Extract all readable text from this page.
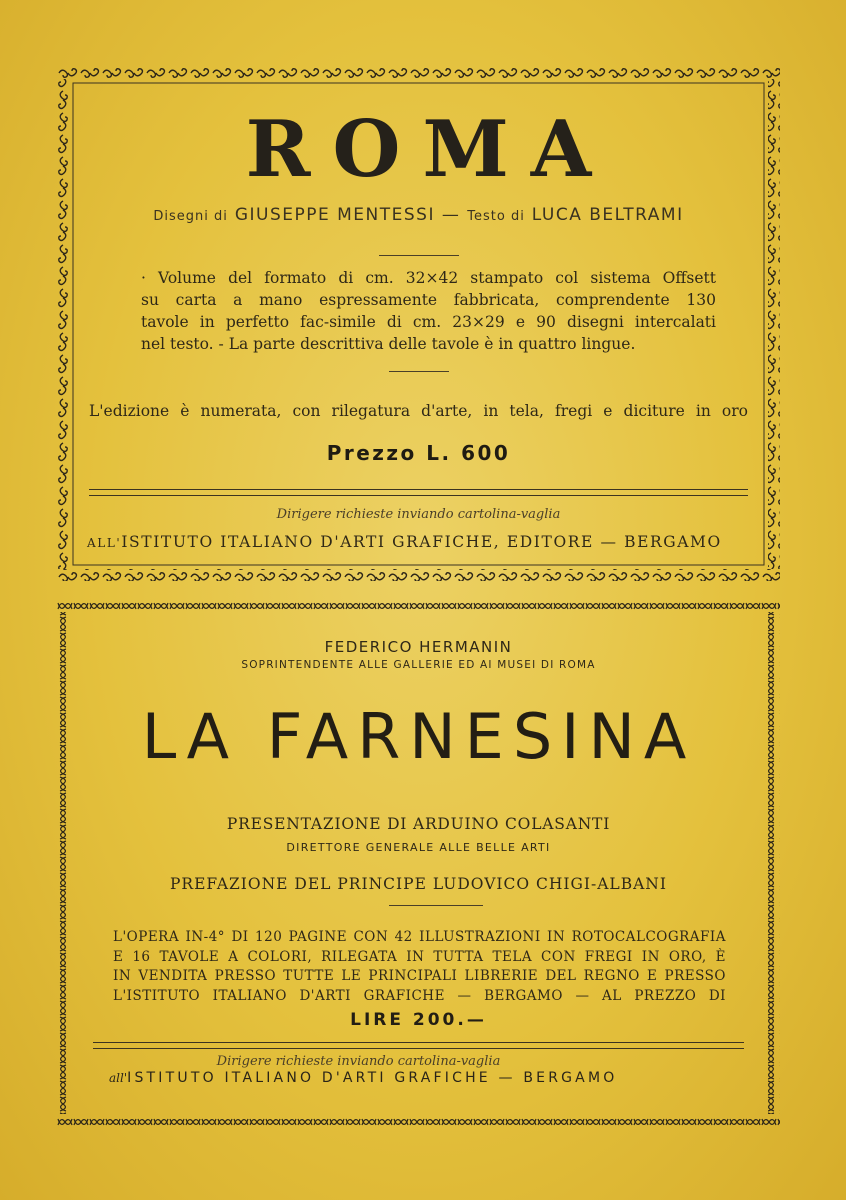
ROMA
Disegni di GIUSEPPE MENTESSI — Testo di LUCA BELTRAMI
· Volume del formato di cm. 32×42 stampato col sistema Offsett
su carta a mano espressamente fabbricata, comprendente 130
tavole in perfetto fac-simile di cm. 23×29 e 90 disegni intercalati
nel testo. - La parte descrittiva delle tavole è in quattro lingue.
L'edizione è numerata, con rilegatura d'arte, in tela, fregi e diciture in oro
Prezzo L. 600
Dirigere richieste inviando cartolina-vaglia
ALL'ISTITUTO ITALIANO D'ARTI GRAFICHE, EDITORE — BERGAMO
FEDERICO HERMANIN
SOPRINTENDENTE ALLE GALLERIE ED AI MUSEI DI ROMA
LA FARNESINA
PRESENTAZIONE DI ARDUINO COLASANTI
DIRETTORE GENERALE ALLE BELLE ARTI
PREFAZIONE DEL PRINCIPE LUDOVICO CHIGI-ALBANI
L'OPERA IN-4° DI 120 PAGINE CON 42 ILLUSTRAZIONI IN ROTOCALCOGRAFIA
E 16 TAVOLE A COLORI, RILEGATA IN TUTTA TELA CON FREGI IN ORO, È
IN VENDITA PRESSO TUTTE LE PRINCIPALI LIBRERIE DEL REGNO E PRESSO
L'ISTITUTO ITALIANO D'ARTI GRAFICHE — BERGAMO — AL PREZZO DI
LIRE 200.—
Dirigere richieste inviando cartolina-vaglia
all'ISTITUTO ITALIANO D'ARTI GRAFICHE — BERGAMO
